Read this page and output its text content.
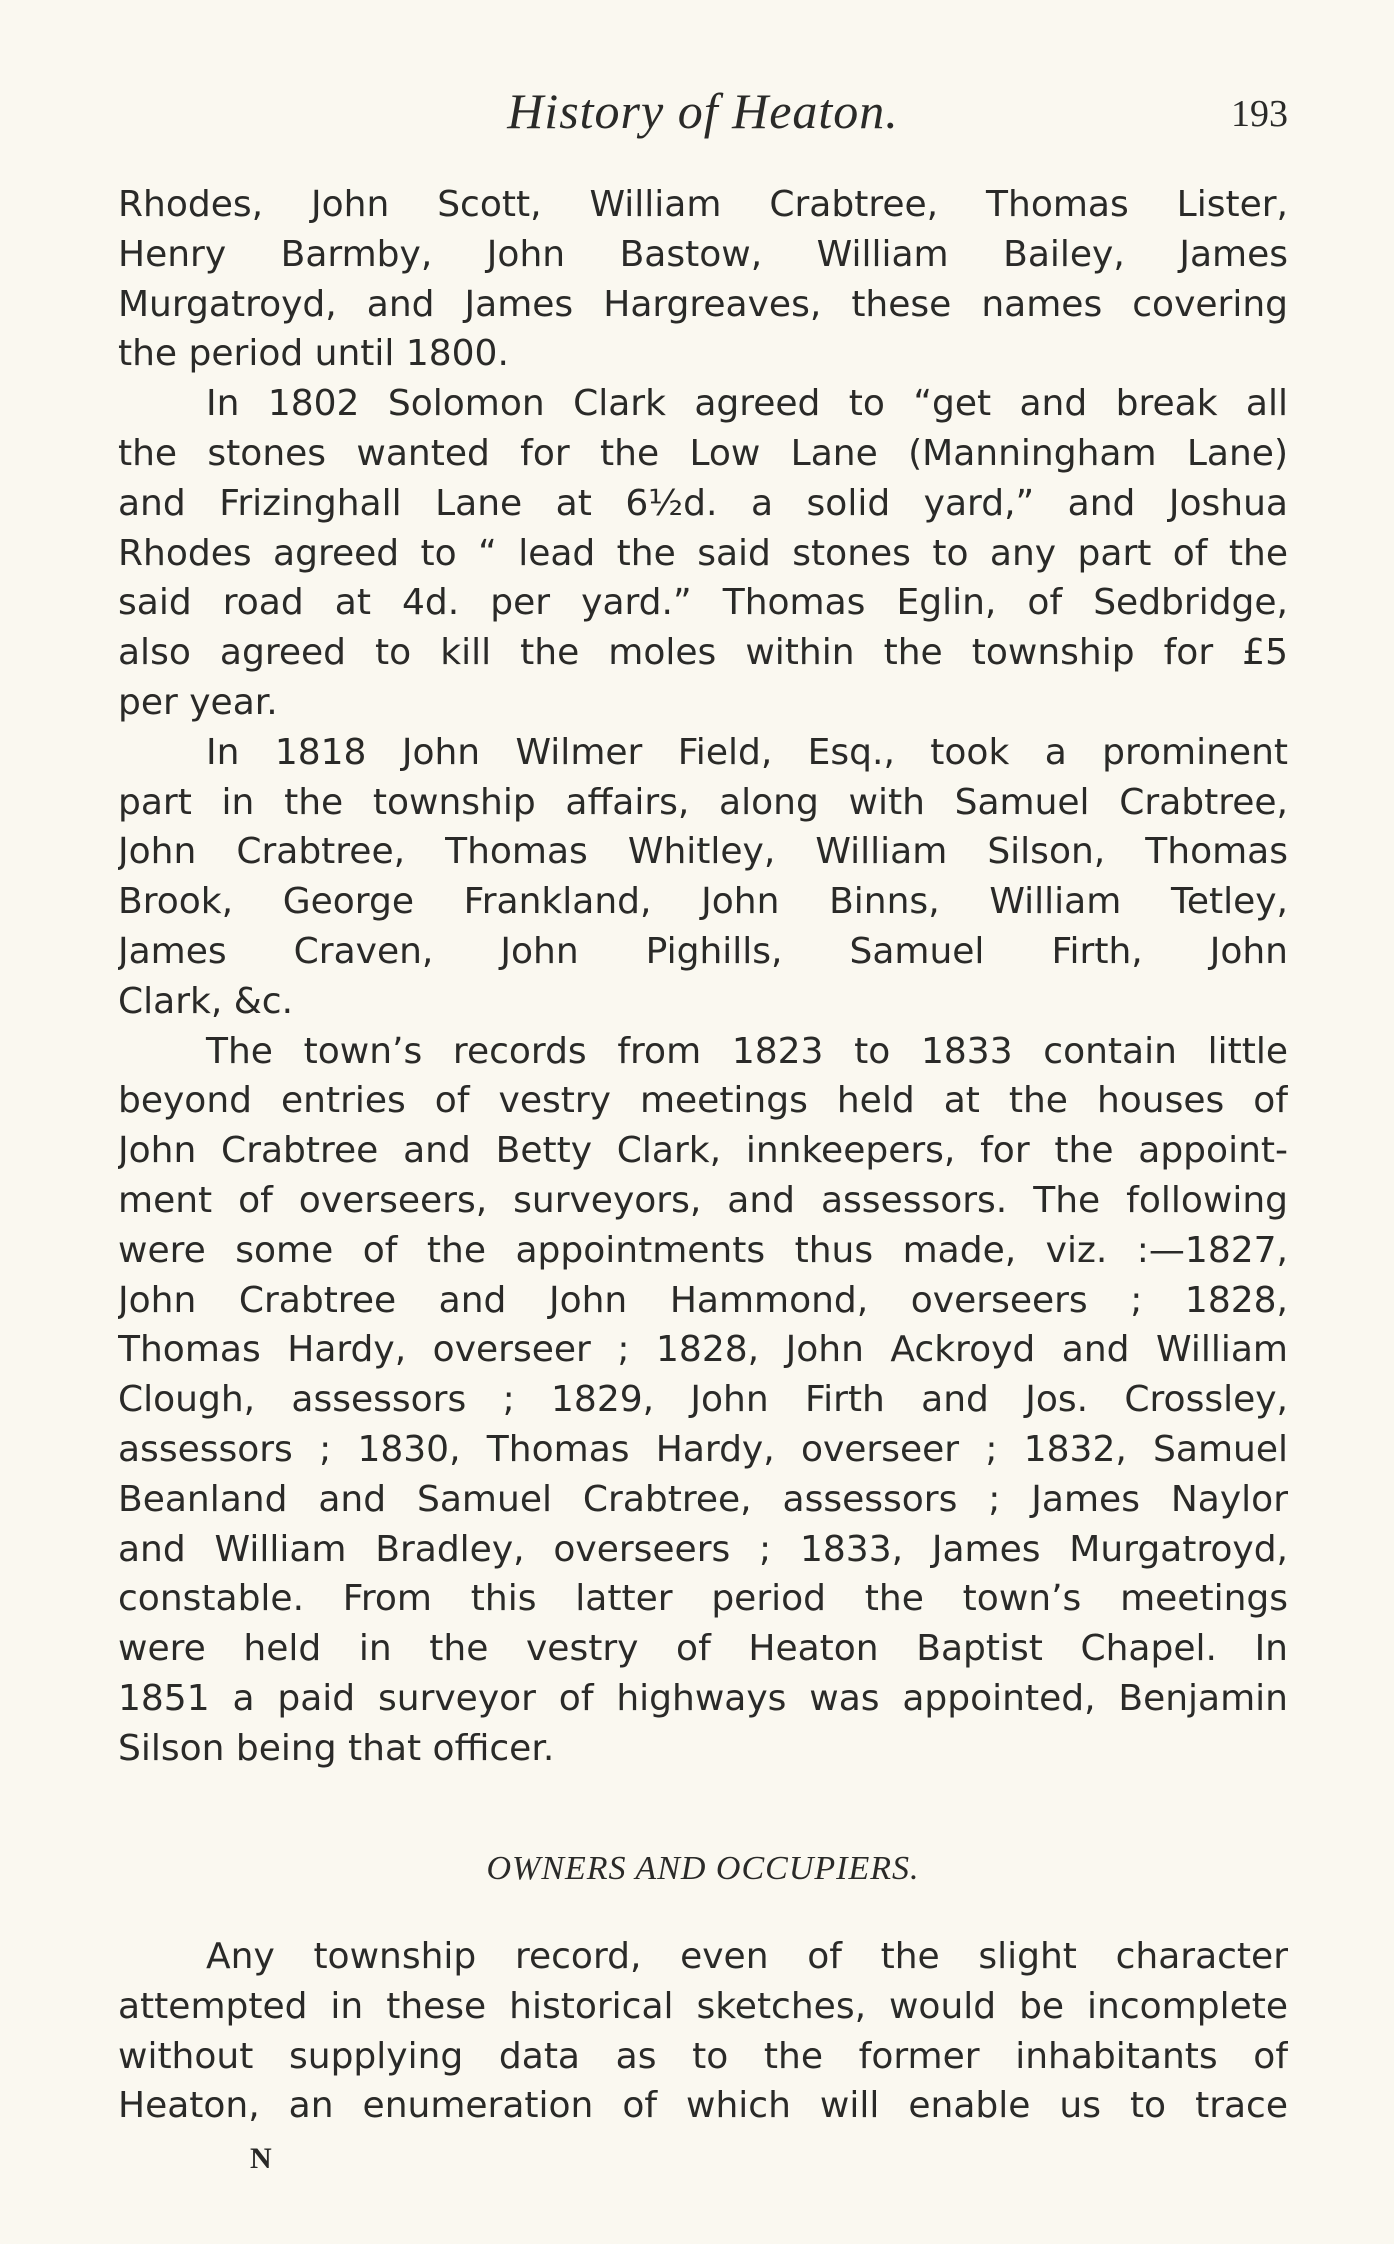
History of Heaton.	193
Rhodes, John Scott, William Crabtree, Thomas Lister,
Henry Barmby, John Bastow, William Bailey, James
Murgatroyd, and James Hargreaves, these names covering
the period until 1800.
In 1802 Solomon Clark agreed to “get and break all
the stones wanted for the Low Lane (Manningham Lane)
and Frizinghall Lane at 6½d. a solid yard,” and Joshua
Rhodes agreed to “ lead the said stones to any part of the
said road at 4d. per yard.” Thomas Eglin, of Sedbridge,
also agreed to kill the moles within the township for £5
per year.
In 1818 John Wilmer Field, Esq., took a prominent
part in the township affairs, along with Samuel Crabtree,
John Crabtree, Thomas Whitley, William Silson, Thomas
Brook, George Frankland, John Binns, William Tetley,
James Craven, John Pighills, Samuel Firth, John
Clark, &c.
The town’s records from 1823 to 1833 contain little
beyond entries of vestry meetings held at the houses of
John Crabtree and Betty Clark, innkeepers, for the appoint-
ment of overseers, surveyors, and assessors. The following
were some of the appointments thus made, viz. :—1827,
John Crabtree and John Hammond, overseers ; 1828,
Thomas Hardy, overseer ; 1828, John Ackroyd and William
Clough, assessors ; 1829, John Firth and Jos. Crossley,
assessors ; 1830, Thomas Hardy, overseer ; 1832, Samuel
Beanland and Samuel Crabtree, assessors ; James Naylor
and William Bradley, overseers ; 1833, James Murgatroyd,
constable. From this latter period the town’s meetings
were held in the vestry of Heaton Baptist Chapel. In
1851 a paid surveyor of highways was appointed, Benjamin
Silson being that officer.
OWNERS AND OCCUPIERS.
Any township record, even of the slight character
attempted in these historical sketches, would be incomplete
without supplying data as to the former inhabitants of
Heaton, an enumeration of which will enable us to trace
N
